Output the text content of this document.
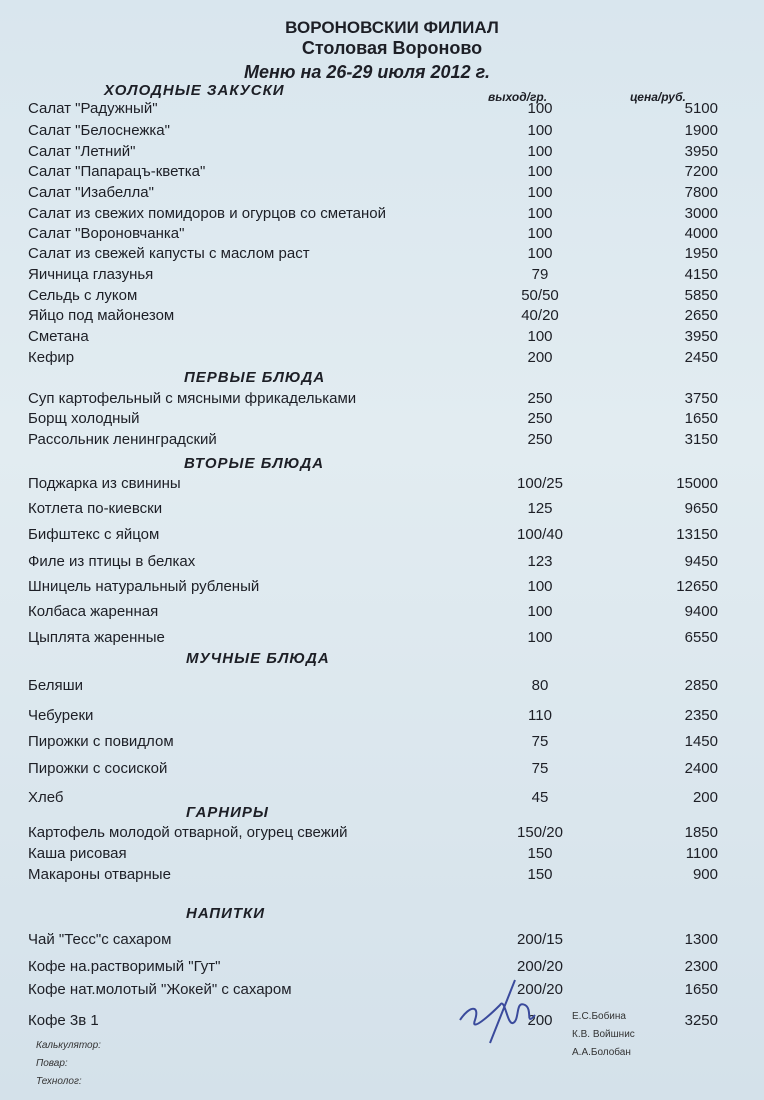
ВОРОНОВСКИИ ФИЛИАЛ
Столовая Вороново
Меню на 26-29 июля 2012 г.
выход/гр.	цена/руб.
ХОЛОДНЫЕ ЗАКУСКИ
ПЕРВЫЕ БЛЮДА
ВТОРЫЕ БЛЮДА
МУЧНЫЕ БЛЮДА
ГАРНИРЫ
НАПИТКИ
Салат "Радужный"	100	5100
Салат "Белоснежка"	100	1900
Салат "Летний"	100	3950
Салат "Папарацъ-кветка"	100	7200
Салат "Изабелла"	100	7800
Салат из свежих помидоров и огурцов со сметаной	100	3000
Салат "Вороновчанка"	100	4000
Салат из свежей капусты с маслом раст	100	1950
Яичница глазунья	79	4150
Сельдь с луком	50/50	5850
Яйцо под майонезом	40/20	2650
Сметана	100	3950
Кефир	200	2450
Суп картофельный с мясными фрикадельками	250	3750
Борщ холодный	250	1650
Рассольник ленинградский	250	3150
Поджарка из свинины	100/25	15000
Котлета по-киевски	125	9650
Бифштекс с яйцом	100/40	13150
Филе из птицы в белках	123	9450
Шницель натуральный рубленый	100	12650
Колбаса жаренная	100	9400
Цыплята жаренные	100	6550
Беляши	80	2850
Чебуреки	110	2350
Пирожки с повидлом	75	1450
Пирожки с сосиской	75	2400
Хлеб	45	200
Картофель молодой отварной, огурец свежий	150/20	1850
Каша рисовая	150	1100
Макароны отварные	150	900
Чай "Тесс"с сахаром	200/15	1300
Кофе на.растворимый "Гут"	200/20	2300
Кофе нат.молотый "Жокей" с сахаром	200/20	1650
Кофе 3в 1	200	3250
Калькулятор:
Повар:
Технолог:
Е.С.Бобина
К.В. Войшнис
А.А.Болобан
